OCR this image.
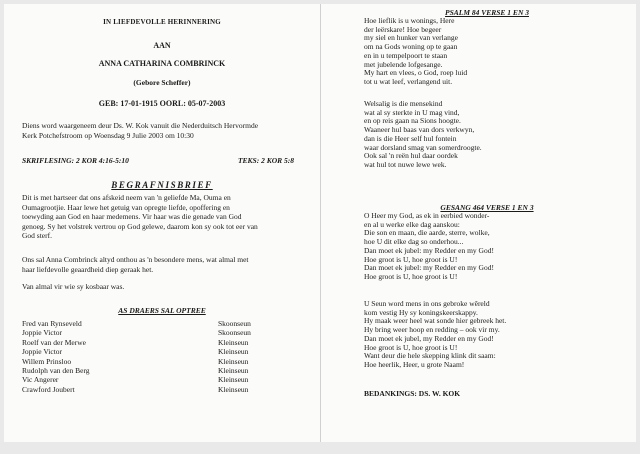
IN LIEFDEVOLLE HERINNERING
AAN
ANNA CATHARINA COMBRINCK
(Gebore Scheffer)
GEB: 17-01-1915 OORL: 05-07-2003
Diens word waargeneem deur Ds. W. Kok vanuit die Nederduitsch Hervormde
Kerk Potchefstroom op Woensdag 9 Julie 2003 om 10:30
SKRIFLESING: 2 KOR 4:16-5:10	TEKS: 2 KOR 5:8
BEGRAFNISBRIEF
Dit is met hartseer dat ons afskeid neem van 'n geliefde Ma, Ouma en
Oumagrootjie. Haar lewe het getuig van opregte liefde, opoffering en
toewyding aan God en haar medemens. Vir haar was die genade van God
genoeg. Sy het volstrek vertrou op God gelewe, daarom kon sy ook tot eer van
God sterf.
Ons sal Anna Combrinck altyd onthou as 'n besondere mens, wat almal met
haar liefdevolle geaardheid diep geraak het.
Van almal vir wie sy kosbaar was.
AS DRAERS SAL OPTREE
Fred van Rynseveld	Skoonseun
Joppie Victor	Skoonseun
Roelf van der Merwe	Kleinseun
Joppie Victor	Kleinseun
Willem Prinsloo	Kleinseun
Rudolph van den Berg	Kleinseun
Vic Angerer	Kleinseun
Crawford Joubert	Kleinseun
PSALM 84 VERSE 1 EN 3
Hoe lieflik is u wonings, Here
der leërskare! Hoe begeer
my siel en hunker van verlange
om na Gods woning op te gaan
en in u tempelpoort te staan
met jubelende lofgesange.
My hart en vlees, o God, roep luid
tot u wat leef, verlangend uit.
Welsalig is die mensekind
wat al sy sterkte in U mag vind,
en op reis gaan na Sions hoogte.
Waaneer hul baas van dors verkwyn,
dan is die Heer self hul fontein
waar dorsland smag van somerdroogte.
Ook sal 'n reën hul daar oordek
wat hul tot nuwe lewe wek.
GESANG 464 VERSE 1 EN 3
O Heer my God, as ek in eerbied wonder-
en al u werke elke dag aanskou:
Die son en maan, die aarde, sterre, wolke,
hoe U dit elke dag so onderhou...
Dan moet ek jubel: my Redder en my God!
Hoe groot is U, hoe groot is U!
Dan moet ek jubel: my Redder en my God!
Hoe groot is U, hoe groot is U!
U Seun word mens in ons gebroke wêreld
kom vestig Hy sy koningskeerskappy.
Hy maak weer heel wat sonde hier gebreek het.
Hy bring weer hoop en redding – ook vir my.
Dan moet ek jubel, my Redder en my God!
Hoe groot is U, hoe groot is U!
Want deur die hele skepping klink dit saam:
Hoe heerlik, Heer, u grote Naam!
BEDANKINGS: DS. W. KOK
